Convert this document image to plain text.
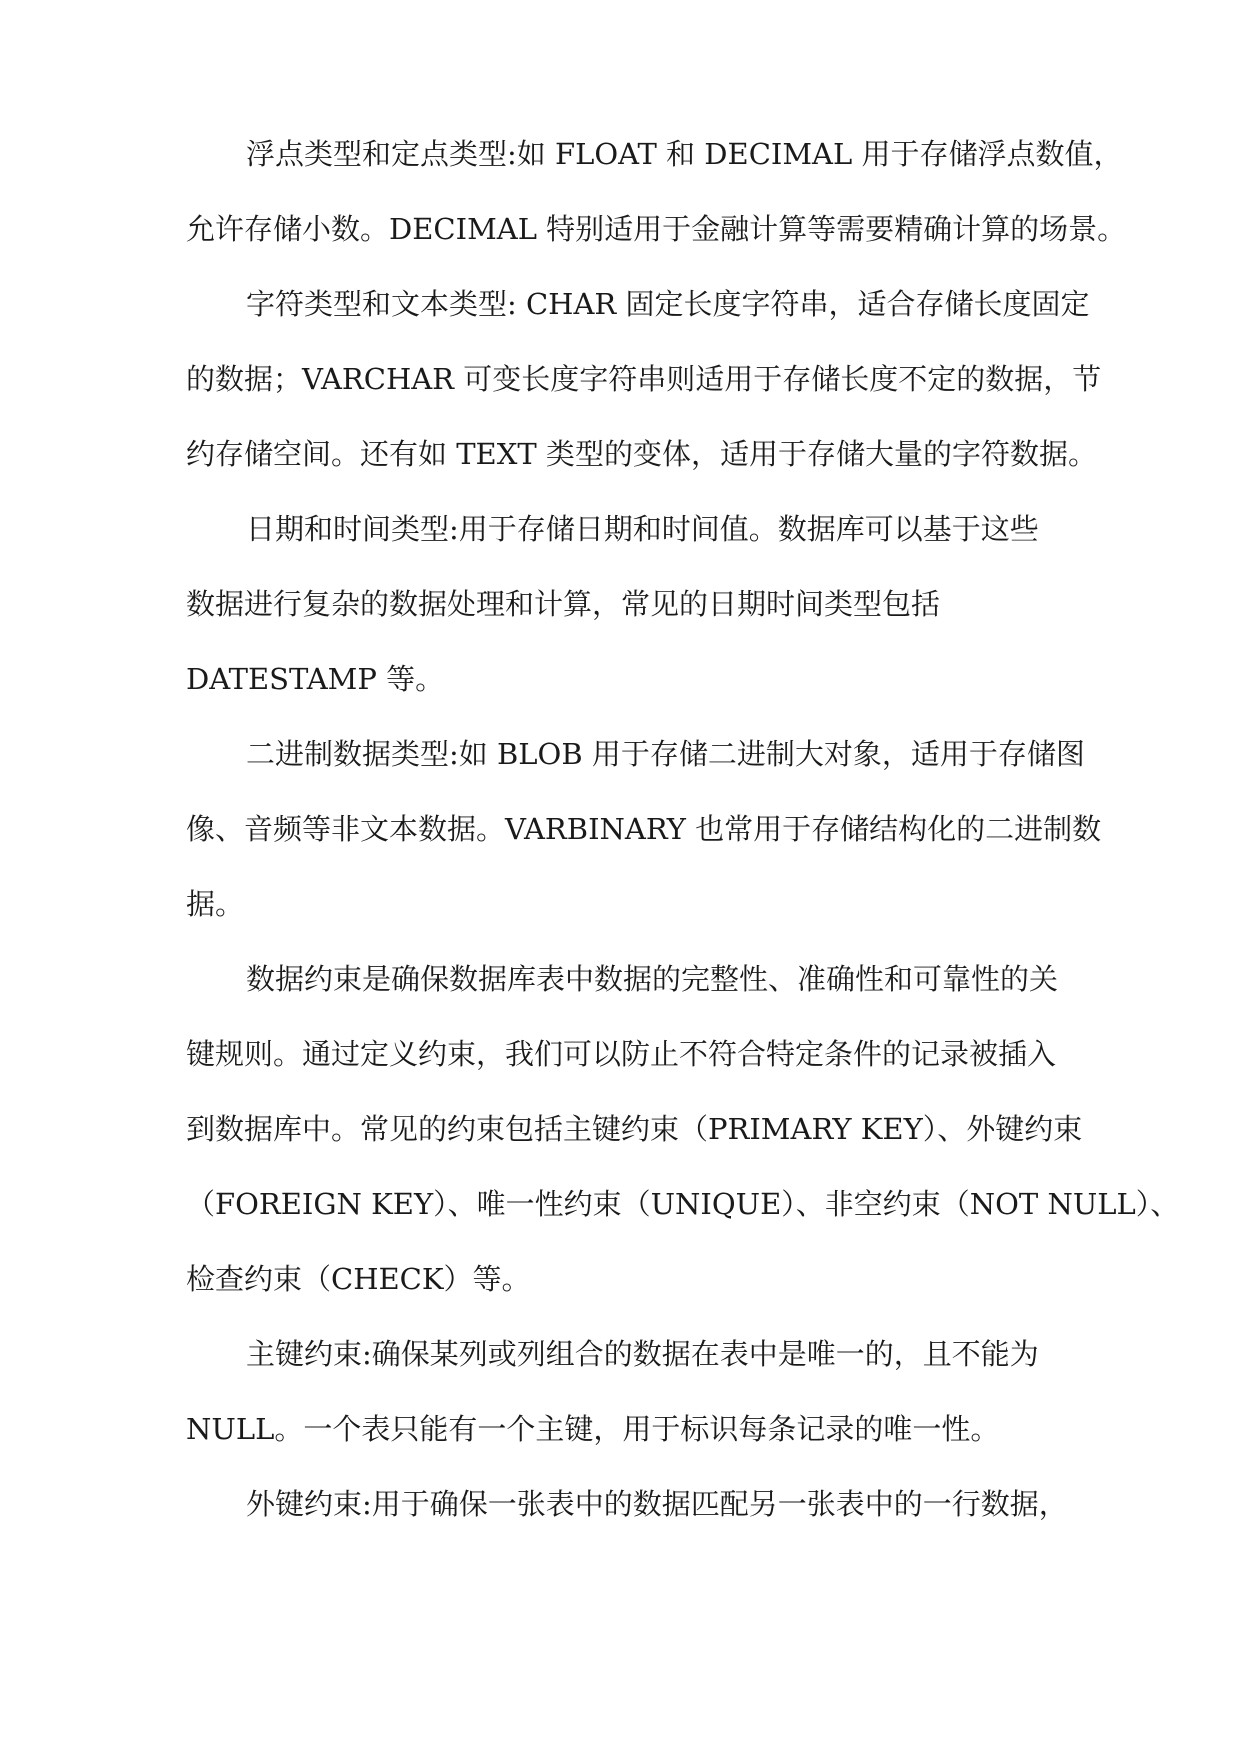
浮点类型和定点类型:如 FLOAT 和 DECIMAL 用于存储浮点数值，
允许存储小数。DECIMAL 特别适用于金融计算等需要精确计算的场景。
字符类型和文本类型: CHAR 固定长度字符串，适合存储长度固定
的数据；VARCHAR 可变长度字符串则适用于存储长度不定的数据，节
约存储空间。还有如 TEXT 类型的变体，适用于存储大量的字符数据。
日期和时间类型:用于存储日期和时间值。数据库可以基于这些
数据进行复杂的数据处理和计算，常见的日期时间类型包括
DATESTAMP 等。
二进制数据类型:如 BLOB 用于存储二进制大对象，适用于存储图
像、音频等非文本数据。VARBINARY 也常用于存储结构化的二进制数
据。
数据约束是确保数据库表中数据的完整性、准确性和可靠性的关
键规则。通过定义约束，我们可以防止不符合特定条件的记录被插入
到数据库中。常见的约束包括主键约束（PRIMARY KEY）、外键约束
（FOREIGN KEY）、唯一性约束（UNIQUE）、非空约束（NOT NULL）、
检查约束（CHECK）等。
主键约束:确保某列或列组合的数据在表中是唯一的，且不能为
NULL。一个表只能有一个主键，用于标识每条记录的唯一性。
外键约束:用于确保一张表中的数据匹配另一张表中的一行数据，
